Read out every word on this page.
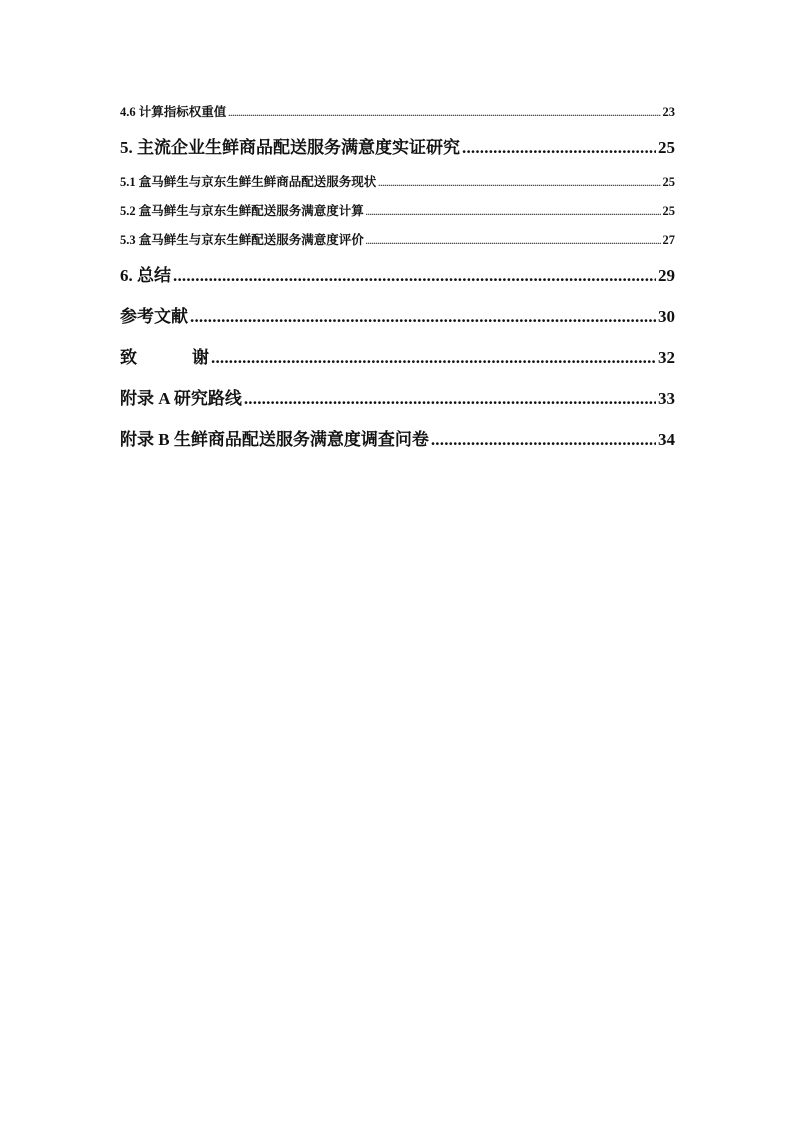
4.6 计算指标权重值 .....	23
5. 主流企业生鲜商品配送服务满意度实证研究 .....	25
5.1 盒马鲜生与京东生鲜生鲜商品配送服务现状 .....	25
5.2 盒马鲜生与京东生鲜配送服务满意度计算 .....	25
5.3 盒马鲜生与京东生鲜配送服务满意度评价 .....	27
6. 总结 .....	29
参考文献 .....	30
致	谢 .....	32
附录 A 研究路线 .....	33
附录 B 生鲜商品配送服务满意度调查问卷 .....	34
